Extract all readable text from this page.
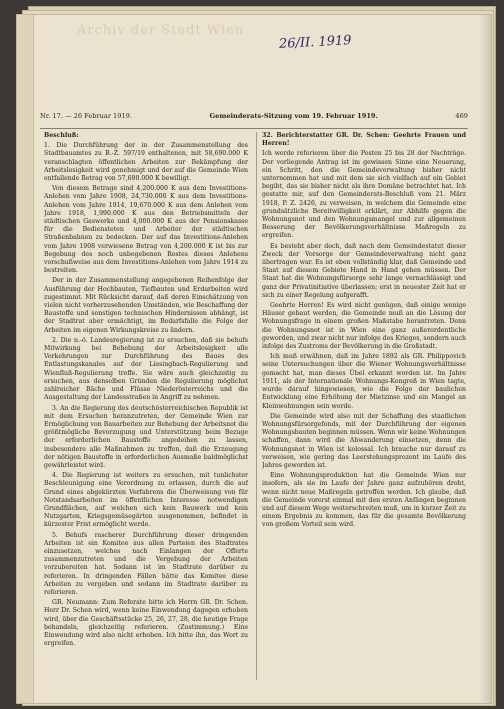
Archiv der Stadt Wien
26/II. 1919
Nr. 17. — 26 Februar 1919.	Gemeinderats-Sitzung vom 19. Februar 1919.	469

Beschluß:

1. Die Durchführung der in der Zusammenstellung des Stadtbauamtes zu B.-Z. 597/19 enthaltenen, mit 58,690.000 K veranschlagten öffentlichen Arbeiten zur Bekämpfung der Arbeitslosigkeit wird genehmigt und der auf die Gemeinde Wien entfallende Betrag von 57,690.000 K bewilligt.

Von diesem Betrage sind 4,200.000 K aus dem Investitions-Anlehen vom Jahre 1908, 24,730.000 K aus dem Investitions-Anlehen vom Jahre 1914, 19,670.000 K aus dem Anlehen vom Jahre 1918, 1,990.000 K aus den Betriebsmitteln der städtischen Gaswerke und 4,000.000 K aus der Pensionskasse für die Bediensteten und Arbeiter der städtischen Straßenbahnen zu bedecken. Der auf das Investitions-Anlehen vom Jahre 1908 verwiesene Betrag von 4,200.000 K ist bis zur Begebung des noch unbegebenen Restes dieses Anlehens vorschußweise aus dem Investitions-Anlehen vom Jahre 1914 zu bestreiten.

Der in der Zusammenstellung angegebenen Reihenfolge der Ausführung der Hochbauten, Tiefbauten und Erdarbeiten wird zugestimmt. Mit Rücksicht darauf, daß deren Einschätzung von vielen nicht vorherzusehenden Umständen, wie Beschaffung der Baustoffe und sonstigen technischen Hindernissen abhängt, ist der Stadtrat aber ermächtigt, im Bedarfsfalle die Folge der Arbeiten im eigenen Wirkungskreise zu ändern.

2. Die n.-ö. Landesregierung ist zu ersuchen, daß sie behufs Mitwirkung bei Behebung der Arbeitslosigkeit alle Vorkehrungen zur Durchführung des Baues des Entlastungskanales auf der Liesingbach-Regulierung und Wienfluß-Regulierung treffe. Sie wäre auch gleichzeitig zu ersuchen, aus denselben Gründen die Regulierung möglichst zahlreicher Bäche und Flüsse Niederösterreichs und die Ausgestaltung der Landesstraßen in Angriff zu nehmen.

3. An die Regierung des deutschösterreichischen Republik ist mit dem Ersuchen heranzutreten, der Gemeinde Wien zur Ermöglichung von Bauarbeiten zur Behebung der Arbeitsnot die größtmögliche Bevorzugung und Unterstützung beim Bezuge der erforderlichen Baustoffe angedeihen zu lassen, insbesondere alle Maßnahmen zu treffen, daß die Erzeugung der nötigen Baustoffe in erforderlichen Ausmaße baldmöglichst gewährleistet wird.

4. Die Regierung ist weiters zu ersuchen, mit tunlichster Beschleunigung eine Verordnung zu erlassen, durch die auf Grund eines abgekürzten Verfahrens die Überweisung von für Notstandsarbeiten im öffentlichen Interesse notwendigen Grundflächen, auf welchen sich kein Bauwerk und kein Nutzgarten, Kriegsgemüsegärten ausgenommen, befindet in kürzester Frist ermöglicht werde.

5. Behufs rascherer Durchführung dieser dringenden Arbeiten ist ein Komitee aus allen Parteien des Stadtrates einzusetzen, welches nach Einlangen der Offerte zusammenzutreten und die Vergebung der Arbeiten vorzubereiten hat. Sodann ist im Stadtrate darüber zu referieren. In dringenden Fällen hätte das Komitee diese Arbeiten zu vergeben und sodann im Stadtrate darüber zu referieren.

GR. Neumann: Zum Referate bitte ich Herrn GR. Dr. Schen. Herr Dr. Schen wird, wenn keine Einwendung dagegen erhoben wird, über die Geschäftsstücke 25, 26, 27, 28, die heutige Frage behandeln, gleichzeitig referieren. (Zustimmung.) Eine Einwendung wird also nicht erhoben. Ich bitte ihn, das Wort zu ergreifen.

32. Berichterstatter GR. Dr. Schen: Geehrte Frauen und Herren!

Ich werde referieren über die Posten 25 bis 28 der Nachträge. Der vorliegende Antrag ist im gewissen Sinne eine Neuerung, ein Schritt, den die Gemeindeverwaltung bisher nicht unternommen hat und mit dem sie sich vielfach auf ein Gebiet begibt, das sie bisher nicht als ihre Domäne betrachtet hat. Ich gestatte mir, auf den Gemeinderats-Beschluß vom 21. März 1918, P. Z. 2426, zu verweisen, in welchem die Gemeinde eine grundsätzliche Bereitwilligkeit erklärt, zur Abhilfe gegen die Wohnungsnot und den Wohnungsmangel und zur allgemeinen Besserung der Bevölkerungsverhältnisse Maßregeln zu ergreifen.

Es besteht aber doch, daß nach dem Gemeindestatut dieser Zweck der Vorsorge der Gemeindeverwaltung nicht ganz übertragen war. Es ist eben vollständig klar, daß Gemeinde und Staat auf diesem Gebiete Hand in Hand gehen müssen. Der Staat hat die Wohnungsfürsorge sehr lange vernachlässigt und ganz der Privatinitiative überlassen; erst in neuester Zeit hat er sich zu einer Regelung aufgerafft.

Geehrte Herren! Es wird nicht genügen, daß einige wenige Häuser gebaut werden, die Gemeinde muß an die Lösung der Wohnungsfrage in einem großen Maßstabe herantreten. Denn die Wohnungsnot ist in Wien eine ganz außerordentliche geworden, und zwar nicht nur infolge des Krieges, sondern auch infolge des Zustroms der Bevölkerung in die Großstadt.

Ich muß erwähnen, daß im Jahre 1892 als GR. Philippovich seine Untersuchungen über die Wiener Wohnungsverhältnisse gemacht hat, man dieses Übel erkannt worden ist. Im Jahre 1911, als der Internationale Wohnungs-Kongreß in Wien tagte, wurde darauf hingewiesen, wie die Folge der baulichen Entwicklung eine Erhöhung der Mietzinse und ein Mangel an Kleinwohnungen sein werde.

Die Gemeinde wird also mit der Schaffung des staatlichen Wohnungsfürsorgefonds, mit der Durchführung der eigenen Wohnungsbauten beginnen müssen. Wenn wir keine Wohnungen schaffen, dann wird die Abwanderung einsetzen, denn die Wohnungsnot in Wien ist kolossal. Ich brauche nur darauf zu verweisen, wie gering das Leerstehungsprozent im Laufe des Jahres geworden ist.

Eine Wohnungsproduktion hat die Gemeinde Wien nur insofern, als sie im Laufe der Jahre ganz aufzuhören droht, wenn nicht neue Maßregeln getroffen werden. Ich glaube, daß die Gemeinde vorerst einmal mit den ersten Anfängen beginnen und auf diesem Wege weiterschreiten muß, um in kurzer Zeit zu einem Ergebnis zu kommen, das für die gesamte Bevölkerung von großem Vorteil sein wird.
